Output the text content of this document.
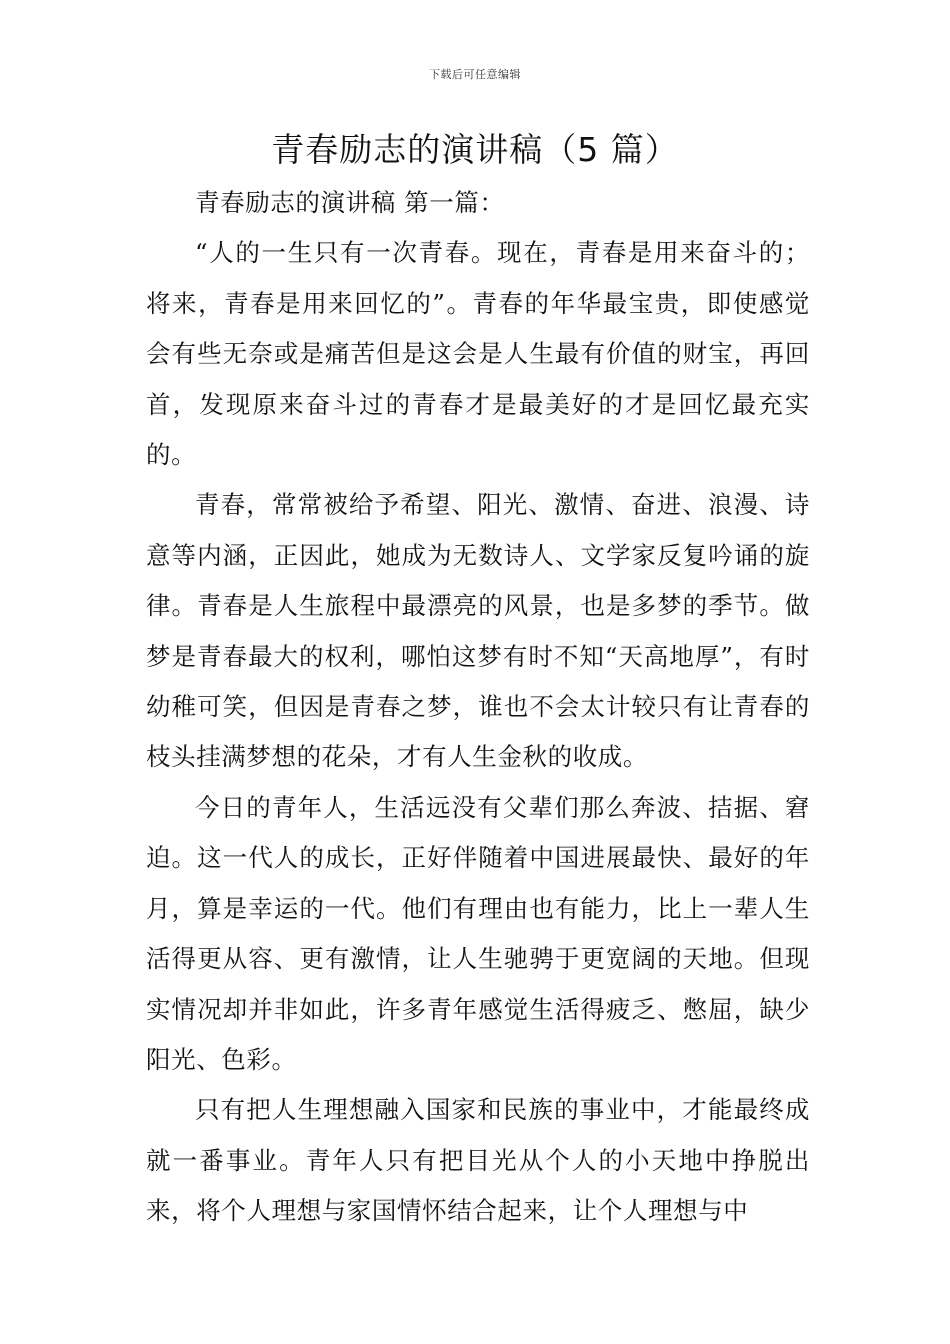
下载后可任意编辑
青春励志的演讲稿（5 篇）

青春励志的演讲稿 第一篇：

“人的一生只有一次青春。现在，青春是用来奋斗的；将来，青春是用来回忆的”。青春的年华最宝贵，即使感觉会有些无奈或是痛苦但是这会是人生最有价值的财宝，再回首，发现原来奋斗过的青春才是最美好的才是回忆最充实的。

青春，常常被给予希望、阳光、激情、奋进、浪漫、诗意等内涵，正因此，她成为无数诗人、文学家反复吟诵的旋律。青春是人生旅程中最漂亮的风景，也是多梦的季节。做梦是青春最大的权利，哪怕这梦有时不知“天高地厚”，有时幼稚可笑，但因是青春之梦，谁也不会太计较只有让青春的枝头挂满梦想的花朵，才有人生金秋的收成。

今日的青年人，生活远没有父辈们那么奔波、拮据、窘迫。这一代人的成长，正好伴随着中国进展最快、最好的年月，算是幸运的一代。他们有理由也有能力，比上一辈人生活得更从容、更有激情，让人生驰骋于更宽阔的天地。但现实情况却并非如此，许多青年感觉生活得疲乏、憋屈，缺少阳光、色彩。

只有把人生理想融入国家和民族的事业中，才能最终成就一番事业。青年人只有把目光从个人的小天地中挣脱出来，将个人理想与家国情怀结合起来，让个人理想与中
